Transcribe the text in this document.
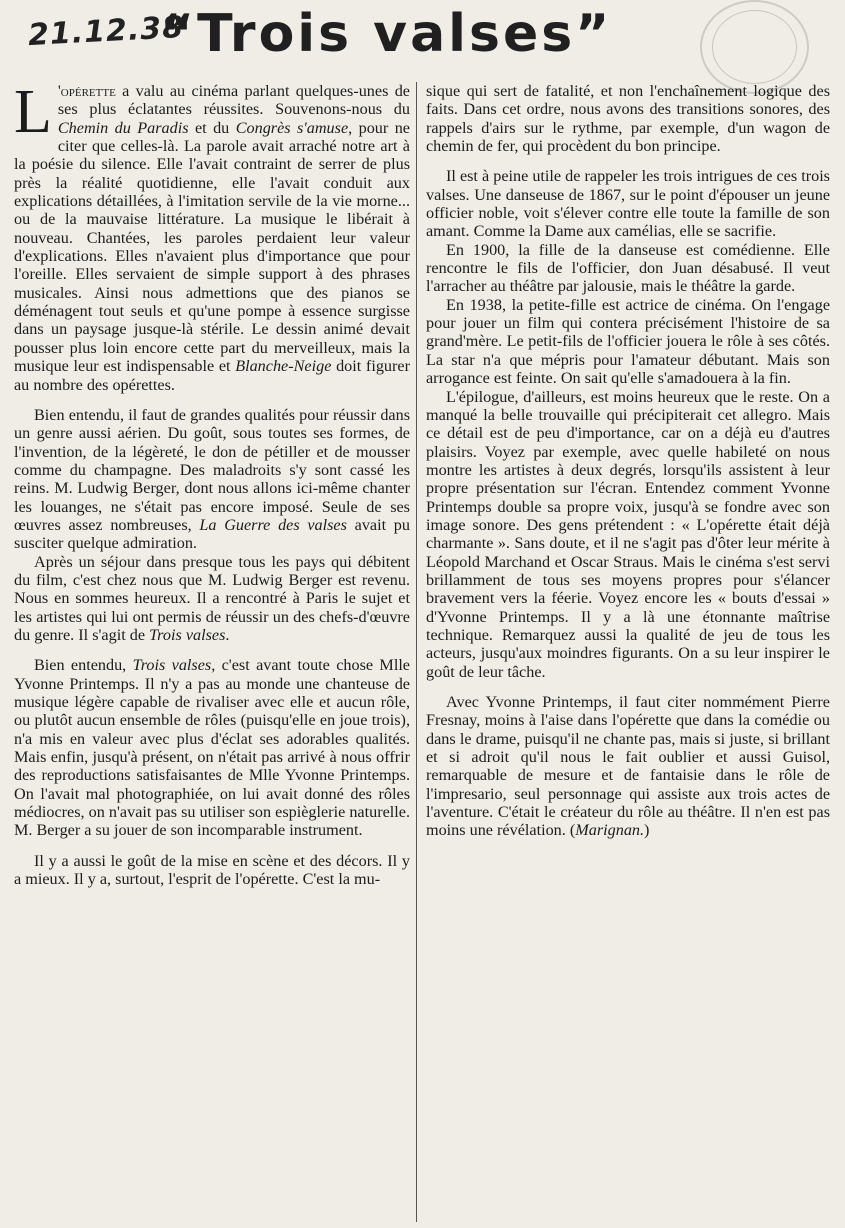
21.12.38
“Trois valses”

L 'opérette a valu au cinéma parlant quelques-unes de ses plus éclatantes réussites. Souvenons-nous du Chemin du Paradis et du Congrès s'amuse, pour ne citer que celles-là. La parole avait arraché notre art à la poésie du silence. Elle l'avait contraint de serrer de plus près la réalité quotidienne, elle l'avait conduit aux explications détaillées, à l'imitation servile de la vie morne... ou de la mauvaise littérature. La musique le libérait à nouveau. Chantées, les paroles perdaient leur valeur d'explications. Elles n'avaient plus d'importance que pour l'oreille. Elles servaient de simple support à des phrases musicales. Ainsi nous admettions que des pianos se déménagent tout seuls et qu'une pompe à essence surgisse dans un paysage jusque-là stérile. Le dessin animé devait pousser plus loin encore cette part du merveilleux, mais la musique leur est indispensable et Blanche-Neige doit figurer au nombre des opérettes.

Bien entendu, il faut de grandes qualités pour réussir dans un genre aussi aérien. Du goût, sous toutes ses formes, de l'invention, de la légèreté, le don de pétiller et de mousser comme du champagne. Des maladroits s'y sont cassé les reins. M. Ludwig Berger, dont nous allons ici-même chanter les louanges, ne s'était pas encore imposé. Seule de ses œuvres assez nombreuses, La Guerre des valses avait pu susciter quelque admiration.

Après un séjour dans presque tous les pays qui débitent du film, c'est chez nous que M. Ludwig Berger est revenu. Nous en sommes heureux. Il a rencontré à Paris le sujet et les artistes qui lui ont permis de réussir un des chefs-d'œuvre du genre. Il s'agit de Trois valses.

Bien entendu, Trois valses, c'est avant toute chose Mlle Yvonne Printemps. Il n'y a pas au monde une chanteuse de musique légère capable de rivaliser avec elle et aucun rôle, ou plutôt aucun ensemble de rôles (puisqu'elle en joue trois), n'a mis en valeur avec plus d'éclat ses adorables qualités. Mais enfin, jusqu'à présent, on n'était pas arrivé à nous offrir des reproductions satisfaisantes de Mlle Yvonne Printemps. On l'avait mal photographiée, on lui avait donné des rôles médiocres, on n'avait pas su utiliser son espièglerie naturelle. M. Berger a su jouer de son incomparable instrument.

Il y a aussi le goût de la mise en scène et des décors. Il y a mieux. Il y a, surtout, l'esprit de l'opérette. C'est la mu-

sique qui sert de fatalité, et non l'enchaînement logique des faits. Dans cet ordre, nous avons des transitions sonores, des rappels d'airs sur le rythme, par exemple, d'un wagon de chemin de fer, qui procèdent du bon principe.

Il est à peine utile de rappeler les trois intrigues de ces trois valses. Une danseuse de 1867, sur le point d'épouser un jeune officier noble, voit s'élever contre elle toute la famille de son amant. Comme la Dame aux camélias, elle se sacrifie.

En 1900, la fille de la danseuse est comédienne. Elle rencontre le fils de l'officier, don Juan désabusé. Il veut l'arracher au théâtre par jalousie, mais le théâtre la garde.

En 1938, la petite-fille est actrice de cinéma. On l'engage pour jouer un film qui contera précisément l'histoire de sa grand'mère. Le petit-fils de l'officier jouera le rôle à ses côtés. La star n'a que mépris pour l'amateur débutant. Mais son arrogance est feinte. On sait qu'elle s'amadouera à la fin.

L'épilogue, d'ailleurs, est moins heureux que le reste. On a manqué la belle trouvaille qui précipiterait cet allegro. Mais ce détail est de peu d'importance, car on a déjà eu d'autres plaisirs. Voyez par exemple, avec quelle habileté on nous montre les artistes à deux degrés, lorsqu'ils assistent à leur propre présentation sur l'écran. Entendez comment Yvonne Printemps double sa propre voix, jusqu'à se fondre avec son image sonore. Des gens prétendent : « L'opérette était déjà charmante ». Sans doute, et il ne s'agit pas d'ôter leur mérite à Léopold Marchand et Oscar Straus. Mais le cinéma s'est servi brillamment de tous ses moyens propres pour s'élancer bravement vers la féerie. Voyez encore les « bouts d'essai » d'Yvonne Printemps. Il y a là une étonnante maîtrise technique. Remarquez aussi la qualité de jeu de tous les acteurs, jusqu'aux moindres figurants. On a su leur inspirer le goût de leur tâche.

Avec Yvonne Printemps, il faut citer nommément Pierre Fresnay, moins à l'aise dans l'opérette que dans la comédie ou dans le drame, puisqu'il ne chante pas, mais si juste, si brillant et si adroit qu'il nous le fait oublier et aussi Guisol, remarquable de mesure et de fantaisie dans le rôle de l'impresario, seul personnage qui assiste aux trois actes de l'aventure. C'était le créateur du rôle au théâtre. Il n'en est pas moins une révélation. (Marignan.)
